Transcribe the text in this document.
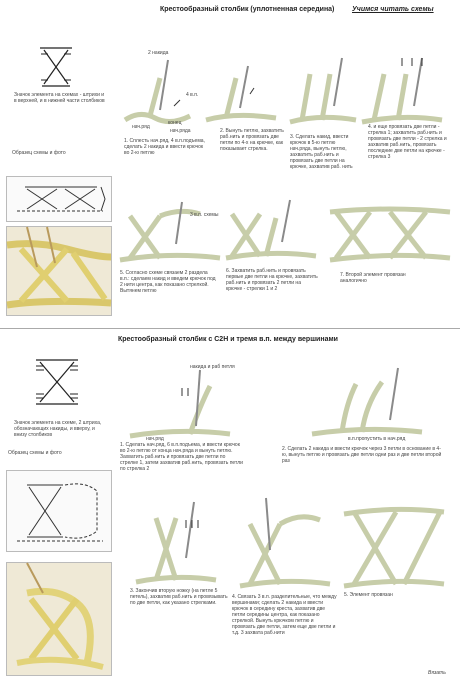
Крестообразный столбик (уплотненная середина)	Учимся читать схемы
Значок элемента на схемах - штрихи и в верхней, и в нижней части столбиков
Образец схемы и фото
2 накида
4 в.п.
конец
нач.ряд
нач.ряда
1. Сплесть нач.ряд, 4 в.п.подъема, сделать 2 накида и ввести крючок во 2-ю петлю
2. Вынуть петлю, захватить раб.нить и провязать две петли по 4-х на крючке, как показывает стрелка.
3. Сделать накид, ввести крючок в 5-ю петлю нач.ряда, вынуть петлю, захватить раб.нить и провязать две петли на крючке, захватив раб. нить
4. и еще провязать две петли - стрелка 1; захватить раб.нить и провязать две петли - 2 стрелка и захватив раб.нить, провязать последние две петли на крючке - стрелка 3
3 в.п. схемы
5. Согласно схеме связаем 2 раздела в.п.: сделаем накид и введем крючок под 2 нити центра, как показано стрелкой. Вытянем петлю
6. Захватить раб.нить и провязать первые две петли на крючке, захватить раб.нить и провязать 2 петли на крючке - стрелки 1 и 2
7. Второй элемент провязан аналогично
Крестообразный столбик с С2Н и тремя в.п. между вершинами
Значок элемента на схеме, 2 штриха, обозначающих накиды, и вверху, и внизу столбиков
Образец схемы и фото
накида и раб петля
нач.ряд
1. Сделать нач.ряд, 6 в.п.подъема, и ввести крючок во 2-ю петлю от конца нач.ряда и вынуть петлю. Захватить раб.нить и провязать две петли по стрелке 1, затем захватив раб.нить, провязать петли по стрелка 2
в.п.пропустить в нач.ряд
2. Сделать 2 накида и ввести крючок через 3 петли в основание в 4-ю, вынуть петлю и провязать две петли одни раз и две петли второй раз
3. Закончив вторую ножку (на петле 5 петель), захватив раб.нить и провязывать по две петли, как указано стрелками.
4. Связать 3 в.п. разделительные, что между вершинами; сделать 2 накида и ввести крючок в середину креста, захватив две петли середины центра, как показано стрелкой. Вынуть крючком петлю и провязать две петли, затем еще две петли и т.д. 3 захвата раб.нити
5. Элемент провязан
Вязать
